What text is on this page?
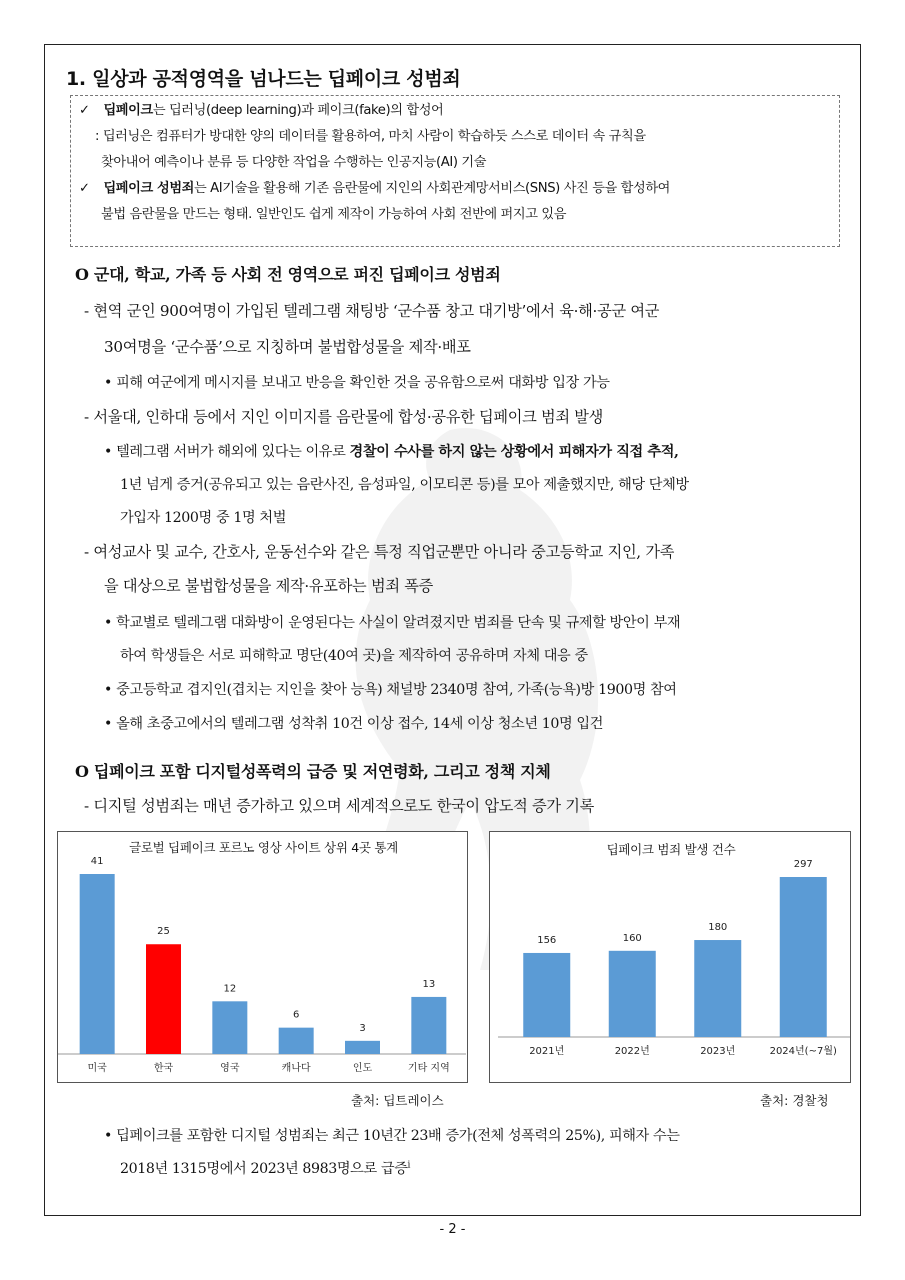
1. 일상과 공적영역을 넘나드는 딥페이크 성범죄
✓ 딥페이크는 딥러닝(deep learning)과 페이크(fake)의 합성어
: 딥러닝은 컴퓨터가 방대한 양의 데이터를 활용하여, 마치 사람이 학습하듯 스스로 데이터 속 규칙을
찾아내어 예측이나 분류 등 다양한 작업을 수행하는 인공지능(AI) 기술
✓ 딥페이크 성범죄는 AI기술을 활용해 기존 음란물에 지인의 사회관계망서비스(SNS) 사진 등을 합성하여
불법 음란물을 만드는 형태. 일반인도 쉽게 제작이 가능하여 사회 전반에 퍼지고 있음
O 군대, 학교, 가족 등 사회 전 영역으로 퍼진 딥페이크 성범죄
- 현역 군인 900여명이 가입된 텔레그램 채팅방 ‘군수품 창고 대기방’에서 육·해·공군 여군
30여명을 ‘군수품’으로 지칭하며 불법합성물을 제작·배포
• 피해 여군에게 메시지를 보내고 반응을 확인한 것을 공유함으로써 대화방 입장 가능
- 서울대, 인하대 등에서 지인 이미지를 음란물에 합성·공유한 딥페이크 범죄 발생
• 텔레그램 서버가 해외에 있다는 이유로 경찰이 수사를 하지 않는 상황에서 피해자가 직접 추적,
1년 넘게 증거(공유되고 있는 음란사진, 음성파일, 이모티콘 등)를 모아 제출했지만, 해당 단체방
가입자 1200명 중 1명 처벌
- 여성교사 및 교수, 간호사, 운동선수와 같은 특정 직업군뿐만 아니라 중고등학교 지인, 가족
을 대상으로 불법합성물을 제작·유포하는 범죄 폭증
• 학교별로 텔레그램 대화방이 운영된다는 사실이 알려졌지만 범죄를 단속 및 규제할 방안이 부재
하여 학생들은 서로 피해학교 명단(40여 곳)을 제작하여 공유하며 자체 대응 중
• 중고등학교 겹지인(겹치는 지인을 찾아 능욕) 채널방 2340명 참여, 가족(능욕)방 1900명 참여
• 올해 초중고에서의 텔레그램 성착취 10건 이상 접수, 14세 이상 청소년 10명 입건
O 딥페이크 포함 디지털성폭력의 급증 및 저연령화, 그리고 정책 지체
- 디지털 성범죄는 매년 증가하고 있으며 세계적으로도 한국이 압도적 증가 기록
글로벌 딥페이크 포르노 영상 사이트 상위 4곳 통계
41
미국
25
한국
12
영국
6
캐나다
3
인도
13
기타 지역
출처: 딥트레이스
딥페이크 범죄 발생 건수
156
2021년
160
2022년
180
2023년
297
2024년(~7월)
출처: 경찰청
• 딥페이크를 포함한 디지털 성범죄는 최근 10년간 23배 증가(전체 성폭력의 25%), 피해자 수는
2018년 1315명에서 2023년 8983명으로 급증$^i$
- 2 -
